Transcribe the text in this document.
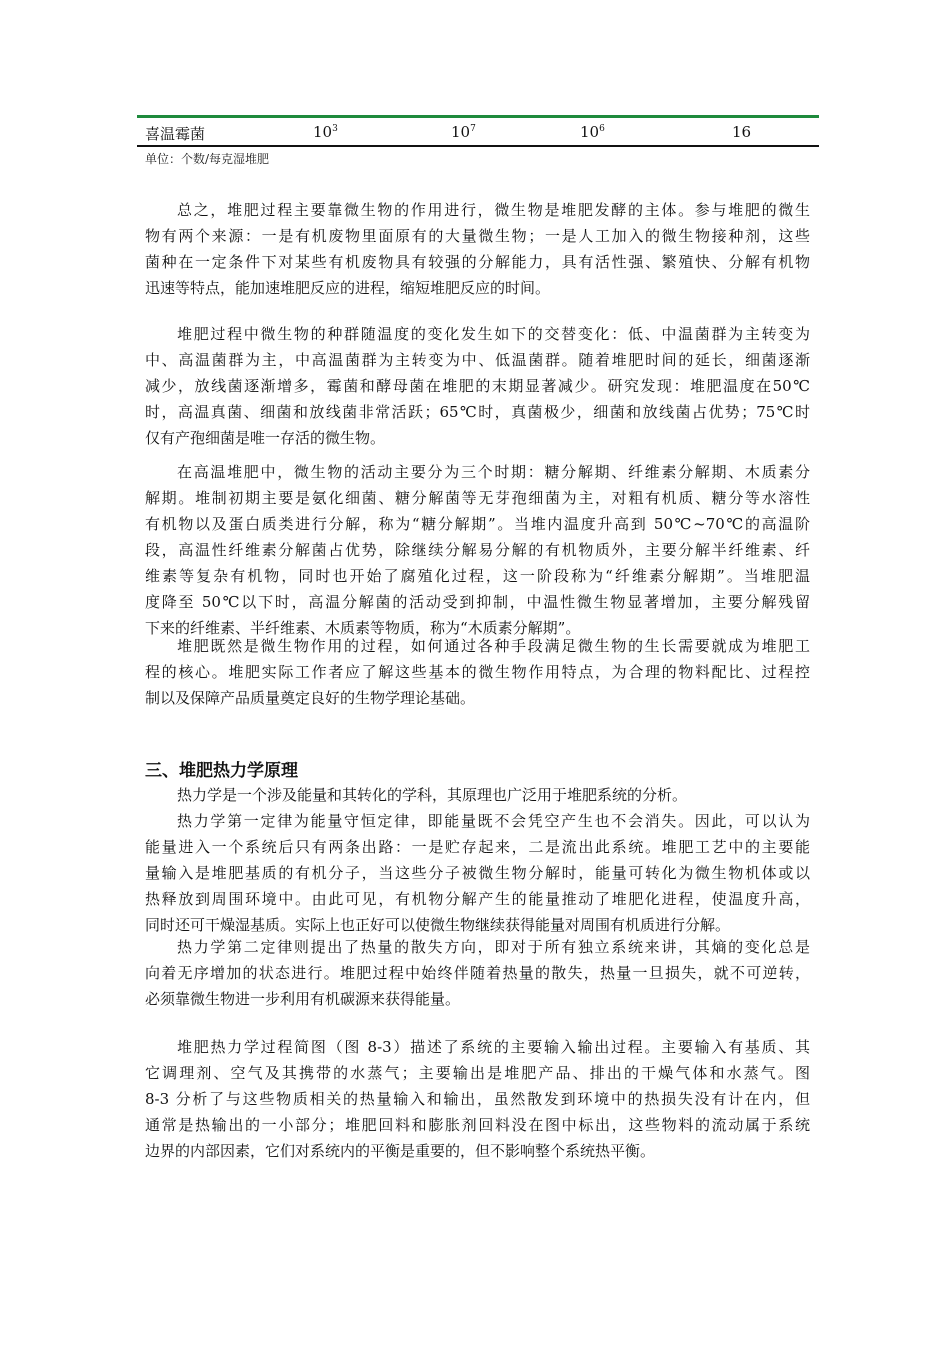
喜温霉菌	$10^3$	$10^7$	$10^6$	16
单位：个数/每克湿堆肥
总之，堆肥过程主要靠微生物的作用进行，微生物是堆肥发酵的主体。参与堆肥的微生
物有两个来源：一是有机废物里面原有的大量微生物；一是人工加入的微生物接种剂，这些
菌种在一定条件下对某些有机废物具有较强的分解能力，具有活性强、繁殖快、分解有机物
迅速等特点，能加速堆肥反应的进程，缩短堆肥反应的时间。
堆肥过程中微生物的种群随温度的变化发生如下的交替变化：低、中温菌群为主转变为
中、高温菌群为主，中高温菌群为主转变为中、低温菌群。随着堆肥时间的延长，细菌逐渐
减少，放线菌逐渐增多，霉菌和酵母菌在堆肥的末期显著减少。研究发现：堆肥温度在50℃
时，高温真菌、细菌和放线菌非常活跃；65℃时，真菌极少，细菌和放线菌占优势；75℃时
仅有产孢细菌是唯一存活的微生物。
在高温堆肥中，微生物的活动主要分为三个时期：糖分解期、纤维素分解期、木质素分
解期。堆制初期主要是氨化细菌、糖分解菌等无芽孢细菌为主，对粗有机质、糖分等水溶性
有机物以及蛋白质类进行分解，称为“糖分解期”。当堆内温度升高到 50℃~70℃的高温阶
段，高温性纤维素分解菌占优势，除继续分解易分解的有机物质外，主要分解半纤维素、纤
维素等复杂有机物，同时也开始了腐殖化过程，这一阶段称为“纤维素分解期”。当堆肥温
度降至 50℃以下时，高温分解菌的活动受到抑制，中温性微生物显著增加，主要分解残留
下来的纤维素、半纤维素、木质素等物质，称为“木质素分解期”。
堆肥既然是微生物作用的过程，如何通过各种手段满足微生物的生长需要就成为堆肥工
程的核心。堆肥实际工作者应了解这些基本的微生物作用特点，为合理的物料配比、过程控
制以及保障产品质量奠定良好的生物学理论基础。
三、堆肥热力学原理
热力学是一个涉及能量和其转化的学科，其原理也广泛用于堆肥系统的分析。
热力学第一定律为能量守恒定律，即能量既不会凭空产生也不会消失。因此，可以认为
能量进入一个系统后只有两条出路：一是贮存起来，二是流出此系统。堆肥工艺中的主要能
量输入是堆肥基质的有机分子，当这些分子被微生物分解时，能量可转化为微生物机体或以
热释放到周围环境中。由此可见，有机物分解产生的能量推动了堆肥化进程，使温度升高，
同时还可干燥湿基质。实际上也正好可以使微生物继续获得能量对周围有机质进行分解。
热力学第二定律则提出了热量的散失方向，即对于所有独立系统来讲，其熵的变化总是
向着无序增加的状态进行。堆肥过程中始终伴随着热量的散失，热量一旦损失，就不可逆转，
必须靠微生物进一步利用有机碳源来获得能量。
堆肥热力学过程简图（图 8-3）描述了系统的主要输入输出过程。主要输入有基质、其
它调理剂、空气及其携带的水蒸气；主要输出是堆肥产品、排出的干燥气体和水蒸气。图
8-3 分析了与这些物质相关的热量输入和输出，虽然散发到环境中的热损失没有计在内，但
通常是热输出的一小部分；堆肥回料和膨胀剂回料没在图中标出，这些物料的流动属于系统
边界的内部因素，它们对系统内的平衡是重要的，但不影响整个系统热平衡。
